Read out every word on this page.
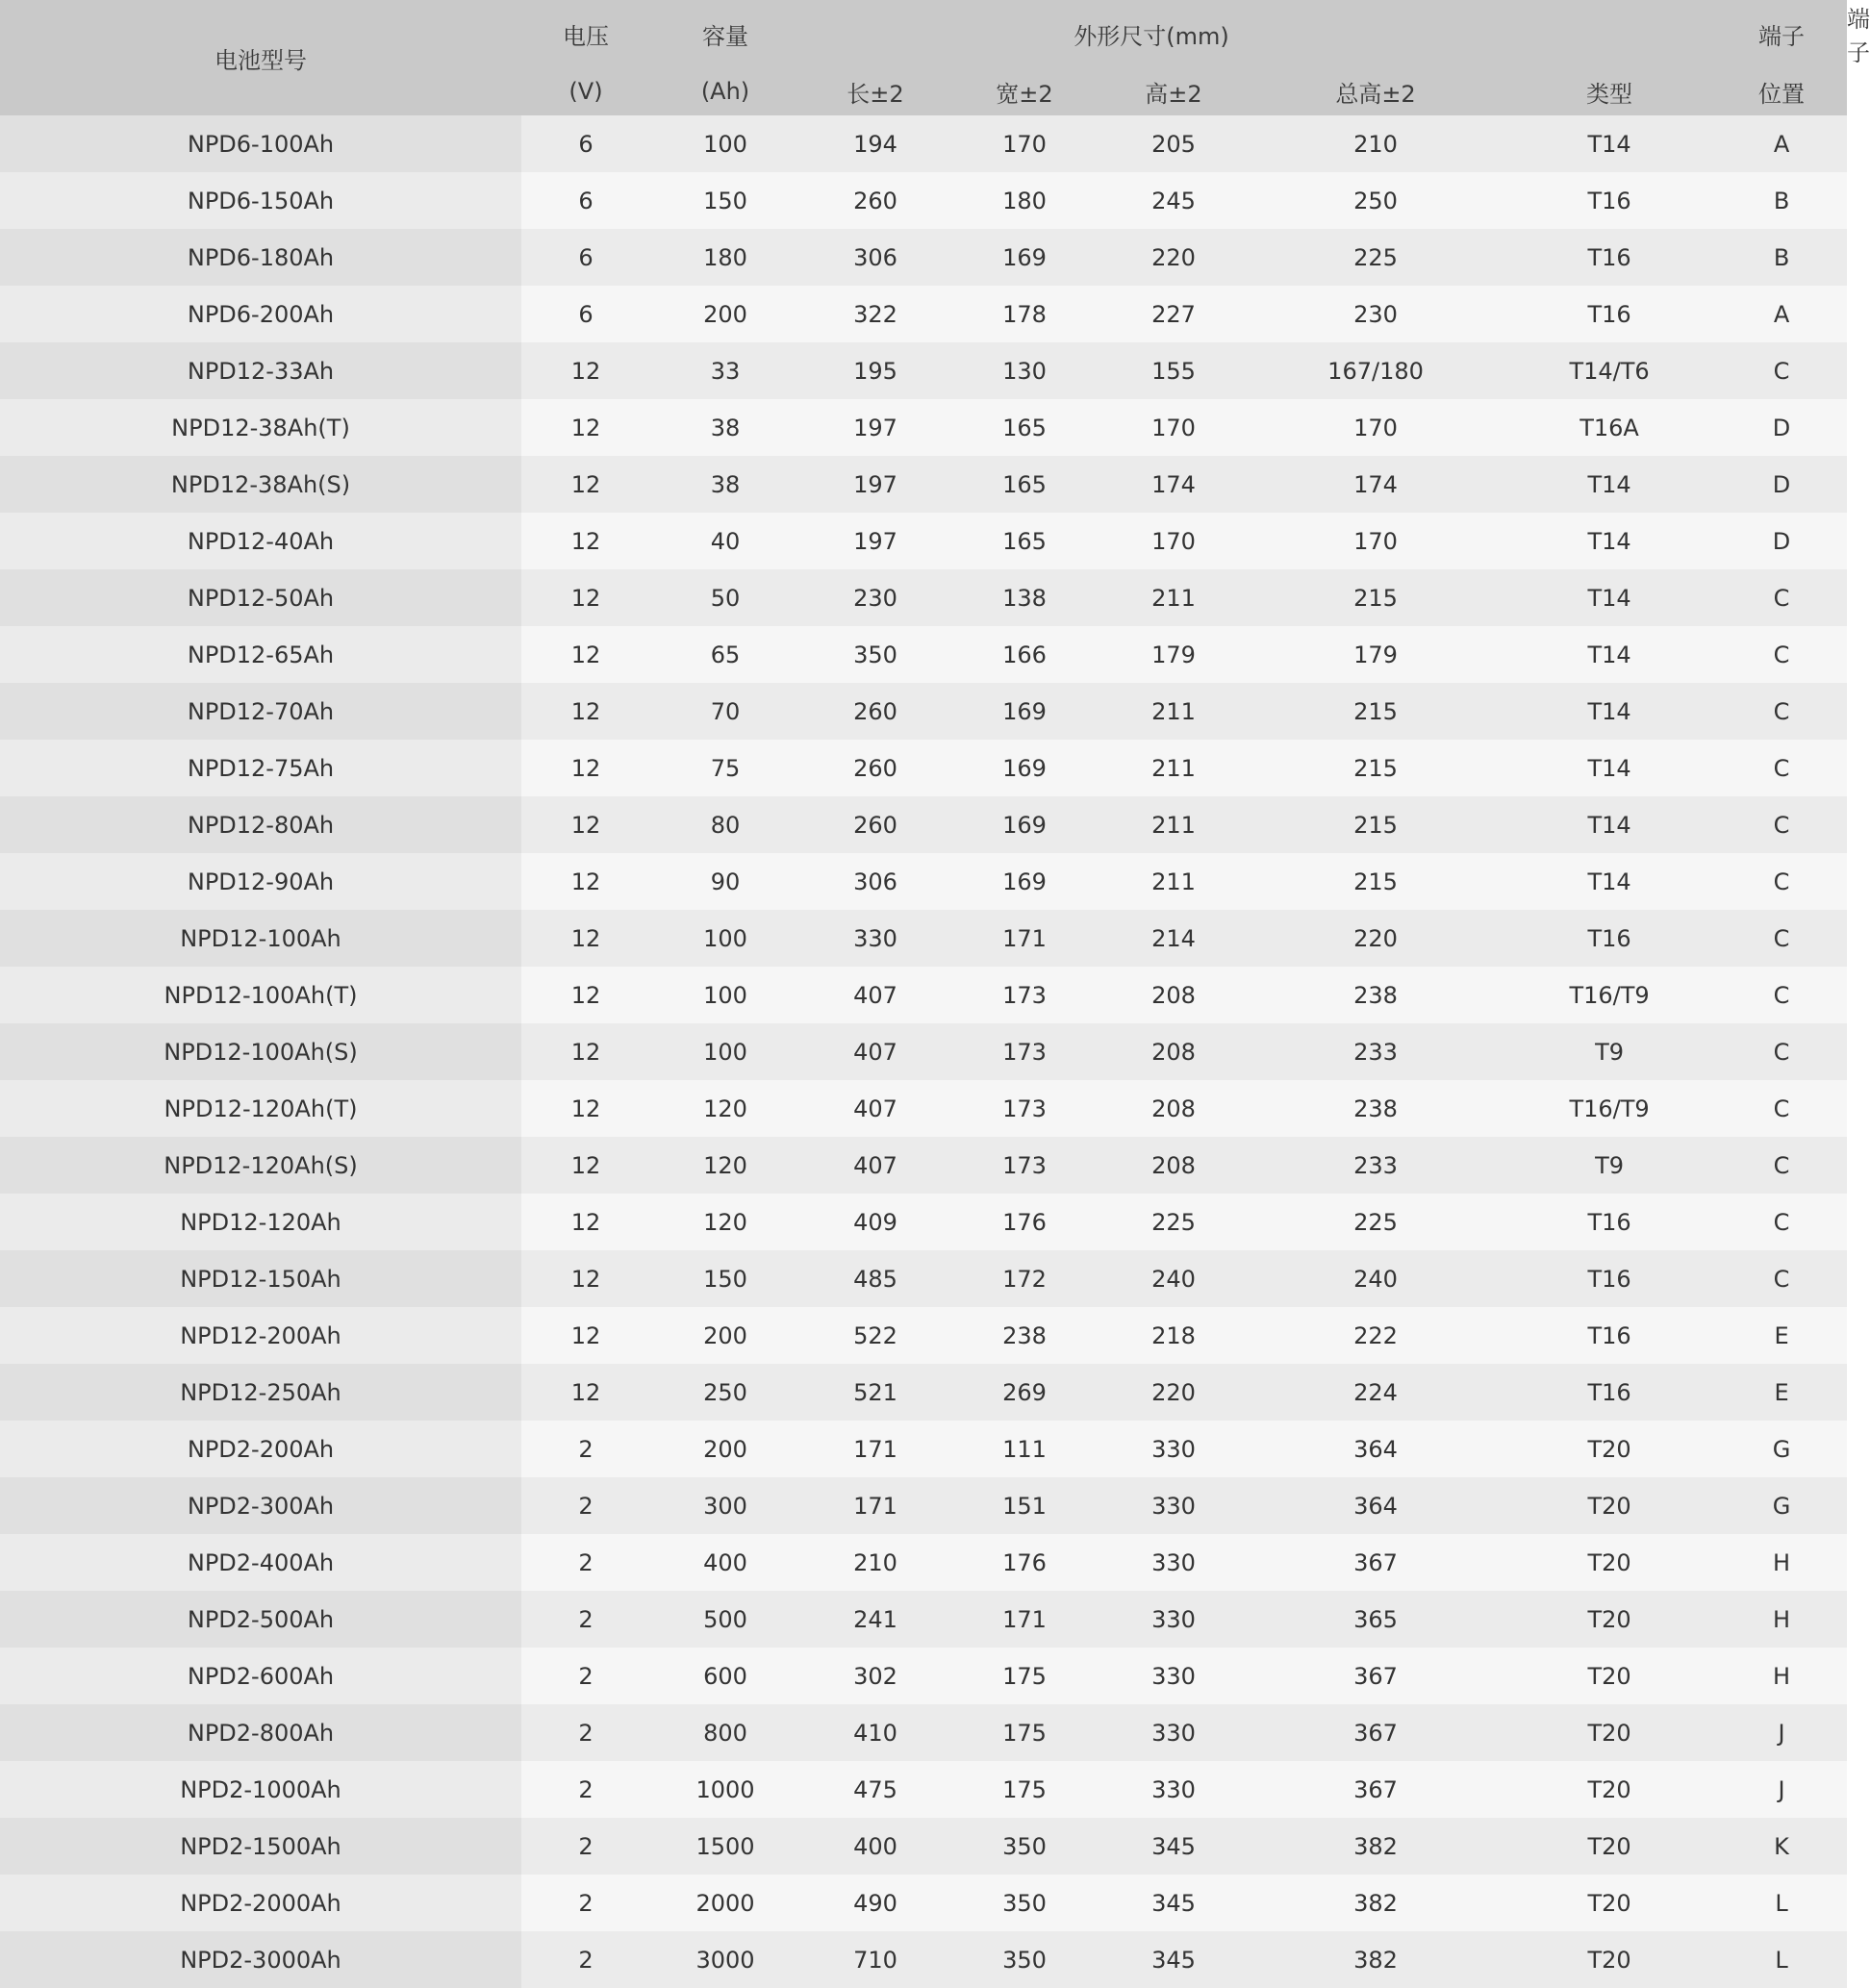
电池型号	电压	容量	外形尺寸(mm)					端子	端子
	(V)	(Ah)	长±2	宽±2	高±2	总高±2	类型	位置	
NPD6-100Ah	6	100	194	170	205	210	T14	A	
NPD6-150Ah	6	150	260	180	245	250	T16	B	
NPD6-180Ah	6	180	306	169	220	225	T16	B	
NPD6-200Ah	6	200	322	178	227	230	T16	A	
NPD12-33Ah	12	33	195	130	155	167/180	T14/T6	C	
NPD12-38Ah(T)	12	38	197	165	170	170	T16A	D	
NPD12-38Ah(S)	12	38	197	165	174	174	T14	D	
NPD12-40Ah	12	40	197	165	170	170	T14	D	
NPD12-50Ah	12	50	230	138	211	215	T14	C	
NPD12-65Ah	12	65	350	166	179	179	T14	C	
NPD12-70Ah	12	70	260	169	211	215	T14	C	
NPD12-75Ah	12	75	260	169	211	215	T14	C	
NPD12-80Ah	12	80	260	169	211	215	T14	C	
NPD12-90Ah	12	90	306	169	211	215	T14	C	
NPD12-100Ah	12	100	330	171	214	220	T16	C	
NPD12-100Ah(T)	12	100	407	173	208	238	T16/T9	C	
NPD12-100Ah(S)	12	100	407	173	208	233	T9	C	
NPD12-120Ah(T)	12	120	407	173	208	238	T16/T9	C	
NPD12-120Ah(S)	12	120	407	173	208	233	T9	C	
NPD12-120Ah	12	120	409	176	225	225	T16	C	
NPD12-150Ah	12	150	485	172	240	240	T16	C	
NPD12-200Ah	12	200	522	238	218	222	T16	E	
NPD12-250Ah	12	250	521	269	220	224	T16	E	
NPD2-200Ah	2	200	171	111	330	364	T20	G	
NPD2-300Ah	2	300	171	151	330	364	T20	G	
NPD2-400Ah	2	400	210	176	330	367	T20	H	
NPD2-500Ah	2	500	241	171	330	365	T20	H	
NPD2-600Ah	2	600	302	175	330	367	T20	H	
NPD2-800Ah	2	800	410	175	330	367	T20	J	
NPD2-1000Ah	2	1000	475	175	330	367	T20	J	
NPD2-1500Ah	2	1500	400	350	345	382	T20	K	
NPD2-2000Ah	2	2000	490	350	345	382	T20	L	
NPD2-3000Ah	2	3000	710	350	345	382	T20	L	
